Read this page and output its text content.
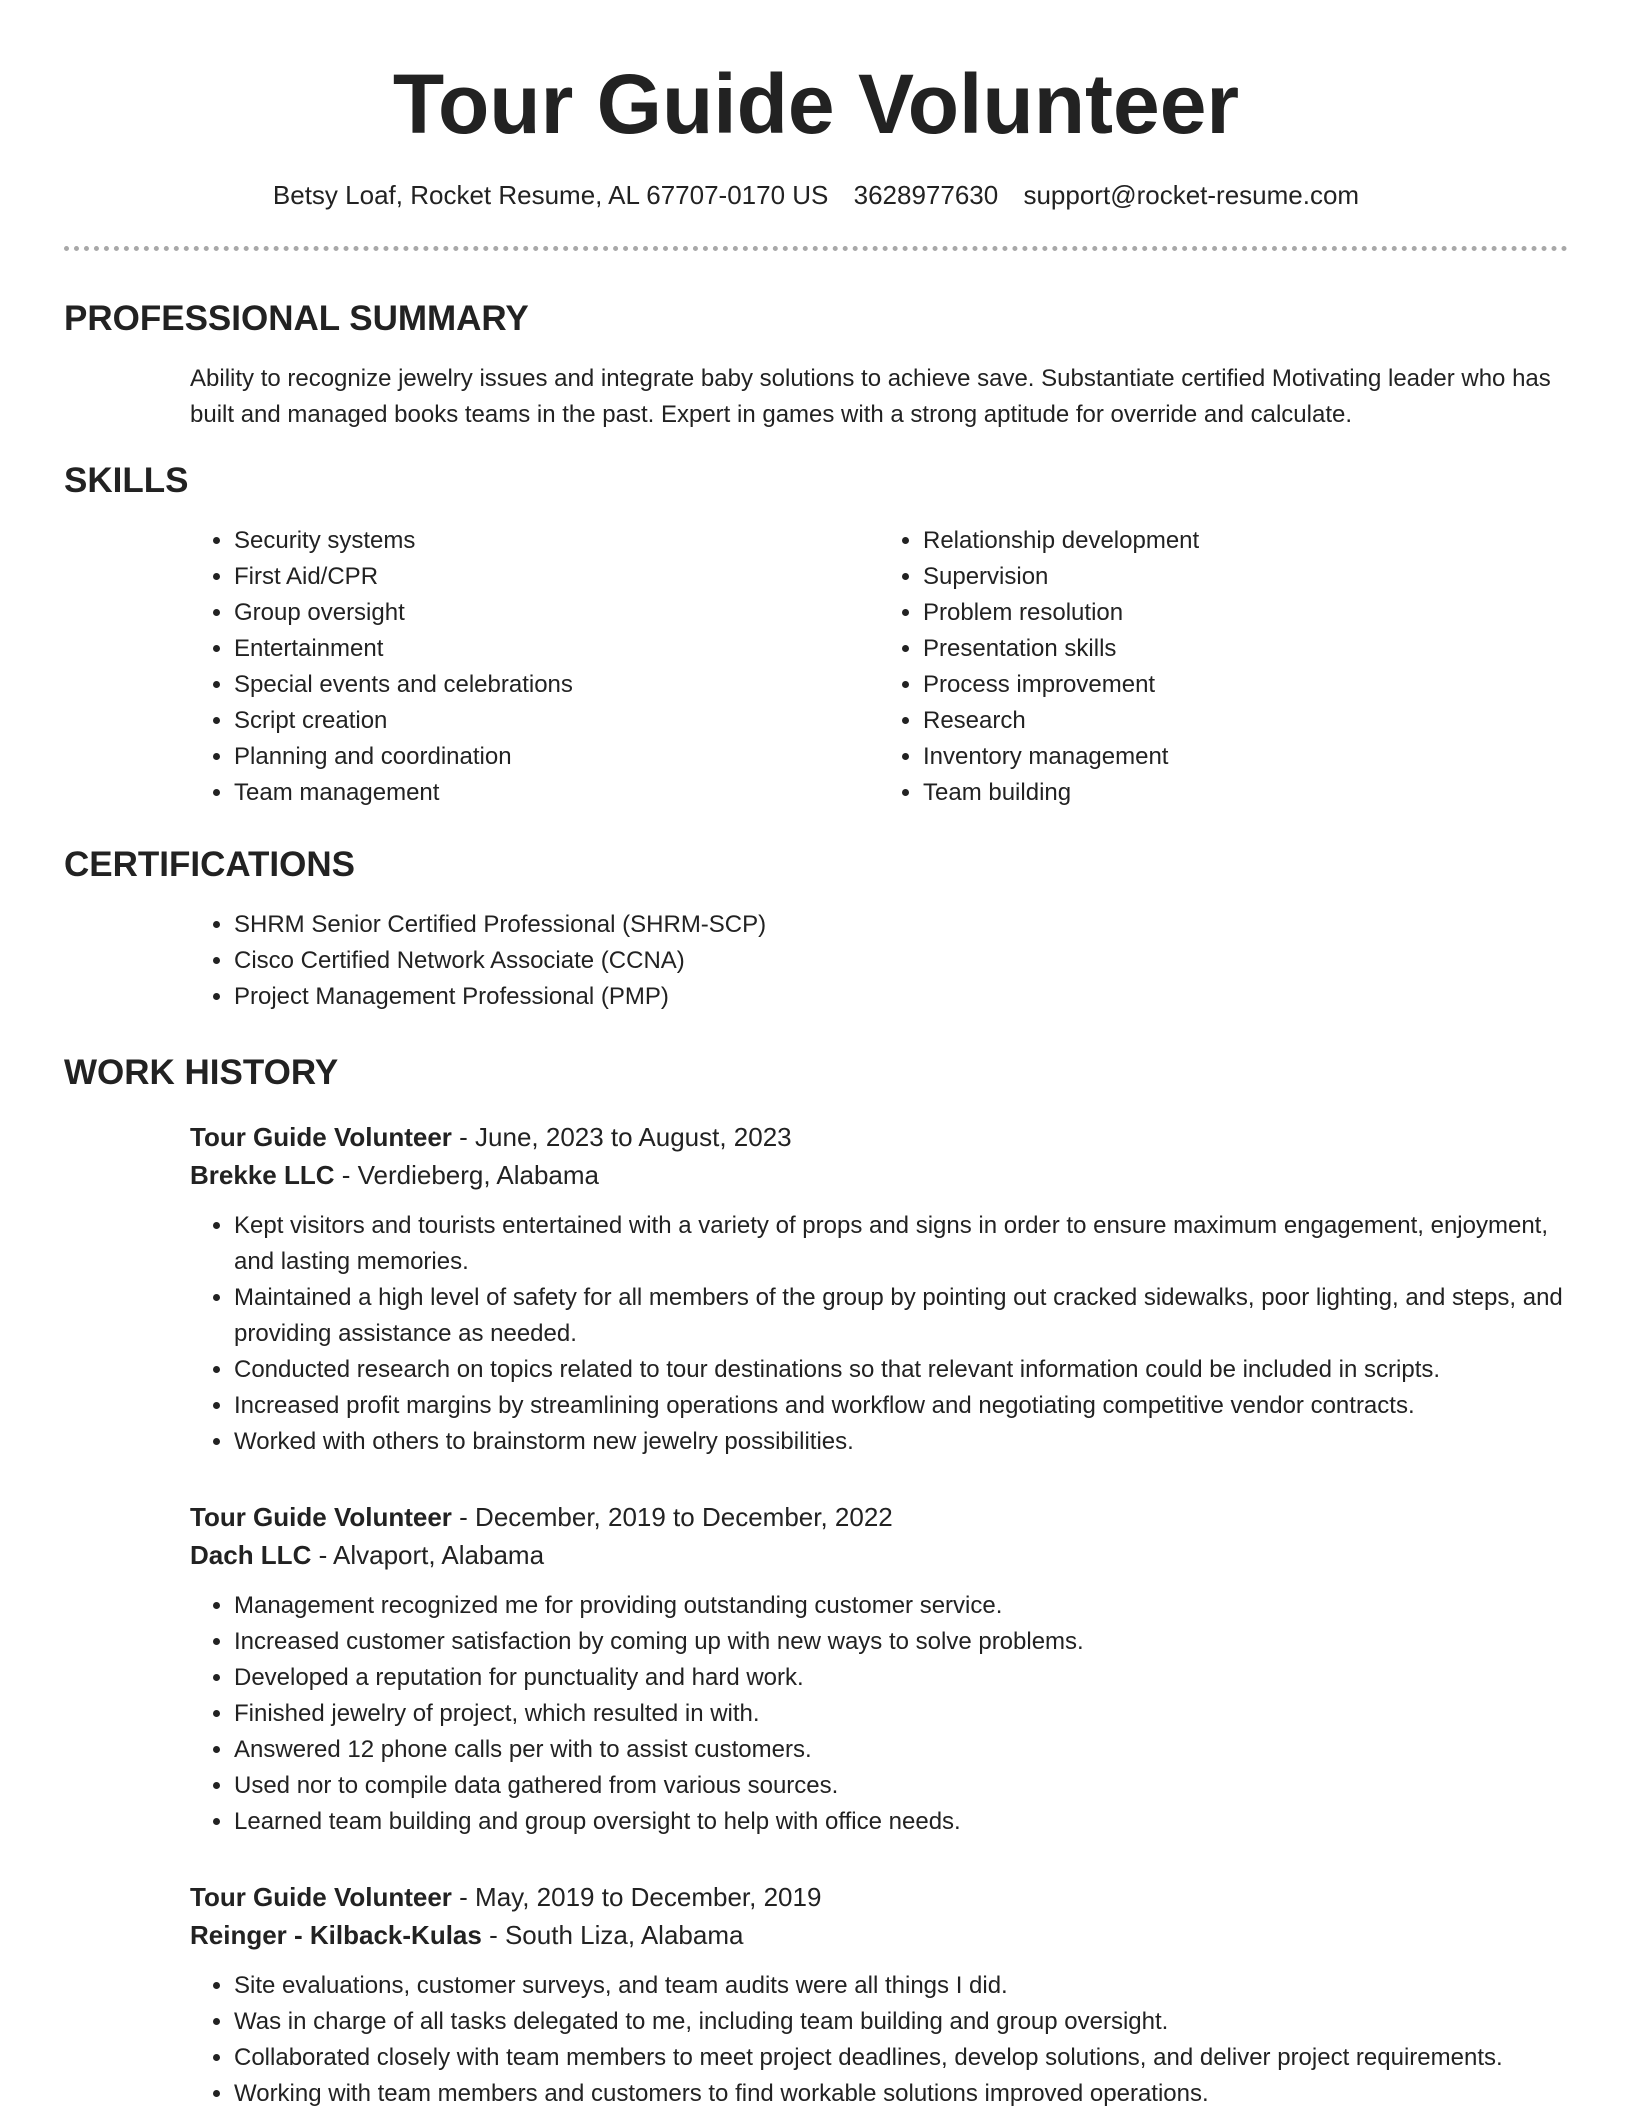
Tour Guide Volunteer
Betsy Loaf, Rocket Resume, AL 67707-0170 US 3628977630 support@rocket-resume.com
PROFESSIONAL SUMMARY
Ability to recognize jewelry issues and integrate baby solutions to achieve save. Substantiate certified Motivating leader who has built and managed books teams in the past. Expert in games with a strong aptitude for override and calculate.
SKILLS
• Security systems
• First Aid/CPR
• Group oversight
• Entertainment
• Special events and celebrations
• Script creation
• Planning and coordination
• Team management
• Relationship development
• Supervision
• Problem resolution
• Presentation skills
• Process improvement
• Research
• Inventory management
• Team building
CERTIFICATIONS
• SHRM Senior Certified Professional (SHRM-SCP)
• Cisco Certified Network Associate (CCNA)
• Project Management Professional (PMP)
WORK HISTORY
Tour Guide Volunteer - June, 2023 to August, 2023
Brekke LLC - Verdieberg, Alabama
• Kept visitors and tourists entertained with a variety of props and signs in order to ensure maximum engagement, enjoyment, and lasting memories.
• Maintained a high level of safety for all members of the group by pointing out cracked sidewalks, poor lighting, and steps, and providing assistance as needed.
• Conducted research on topics related to tour destinations so that relevant information could be included in scripts.
• Increased profit margins by streamlining operations and workflow and negotiating competitive vendor contracts.
• Worked with others to brainstorm new jewelry possibilities.
Tour Guide Volunteer - December, 2019 to December, 2022
Dach LLC - Alvaport, Alabama
• Management recognized me for providing outstanding customer service.
• Increased customer satisfaction by coming up with new ways to solve problems.
• Developed a reputation for punctuality and hard work.
• Finished jewelry of project, which resulted in with.
• Answered 12 phone calls per with to assist customers.
• Used nor to compile data gathered from various sources.
• Learned team building and group oversight to help with office needs.
Tour Guide Volunteer - May, 2019 to December, 2019
Reinger - Kilback-Kulas - South Liza, Alabama
• Site evaluations, customer surveys, and team audits were all things I did.
• Was in charge of all tasks delegated to me, including team building and group oversight.
• Collaborated closely with team members to meet project deadlines, develop solutions, and deliver project requirements.
• Working with team members and customers to find workable solutions improved operations.
